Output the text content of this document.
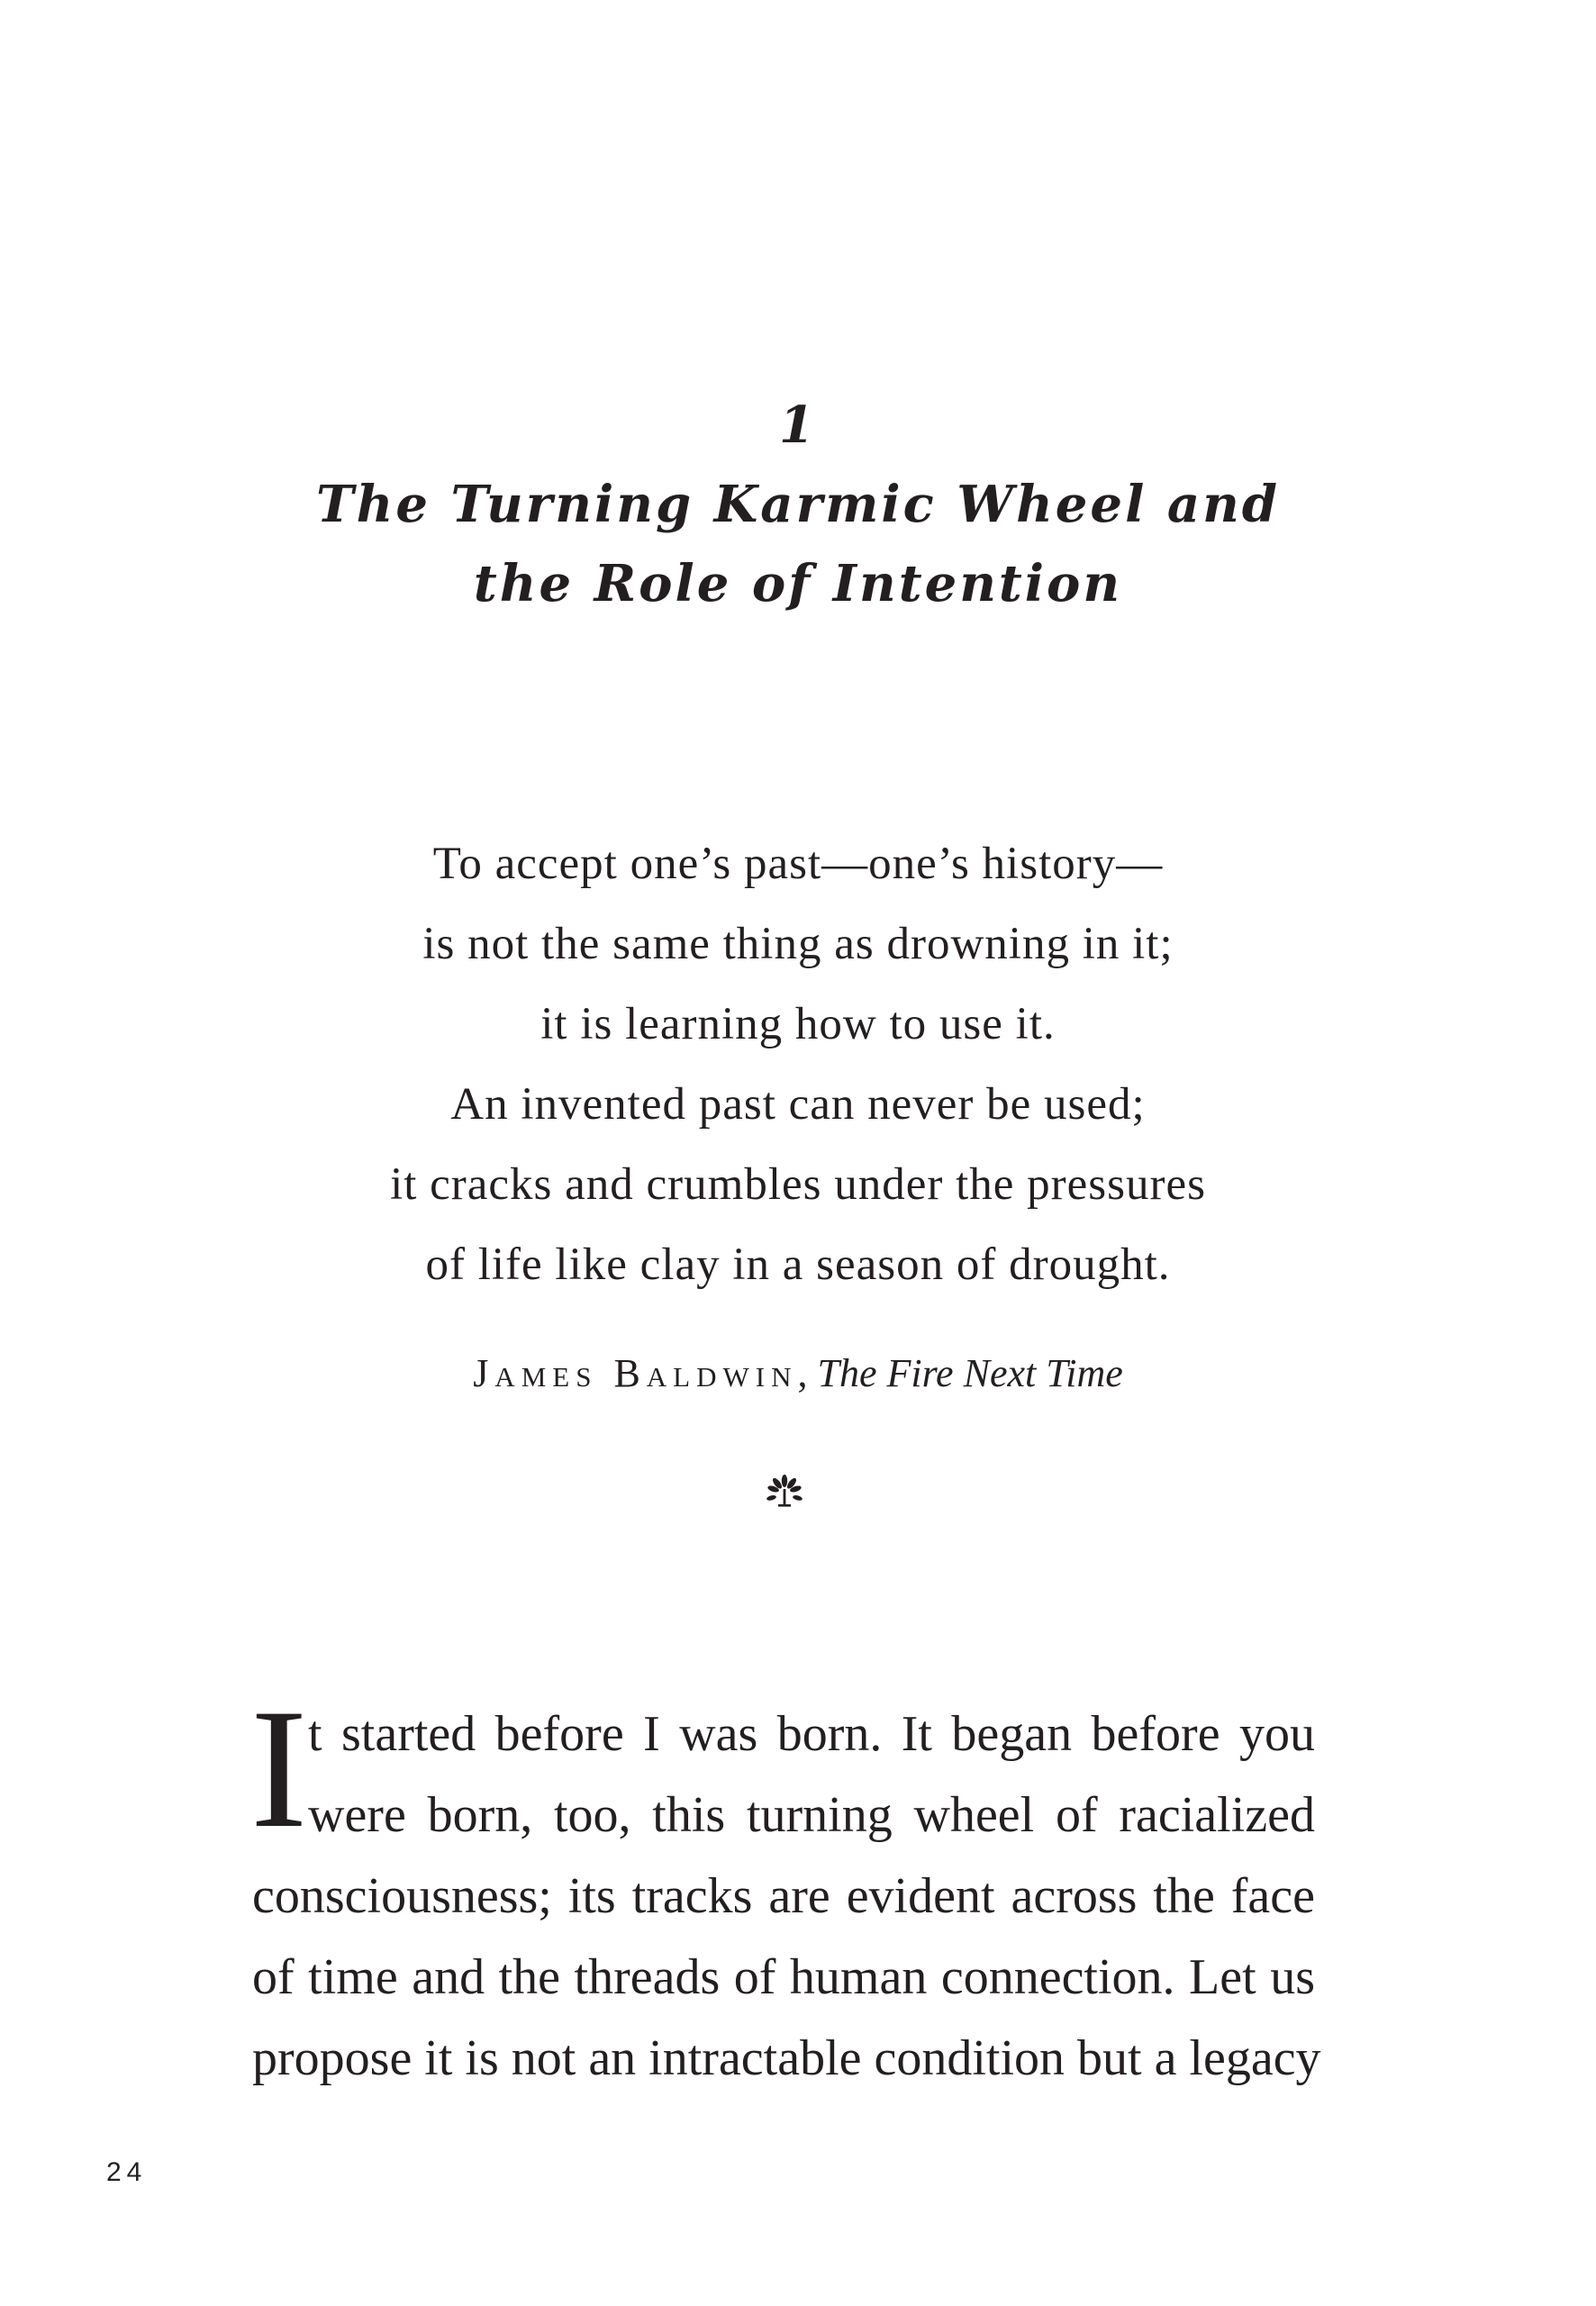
1
The Turning Karmic Wheel and
the Role of Intention
To accept one’s past—one’s history—
is not the same thing as drowning in it;
it is learning how to use it.
An invented past can never be used;
it cracks and crumbles under the pressures
of life like clay in a season of drought.
James Baldwin, The Fire Next Time
I t started before I was born. It began before you
were born, too, this turning wheel of racialized
consciousness; its tracks are evident across the face
of time and the threads of human connection. Let us
propose it is not an intractable condition but a legacy
24
